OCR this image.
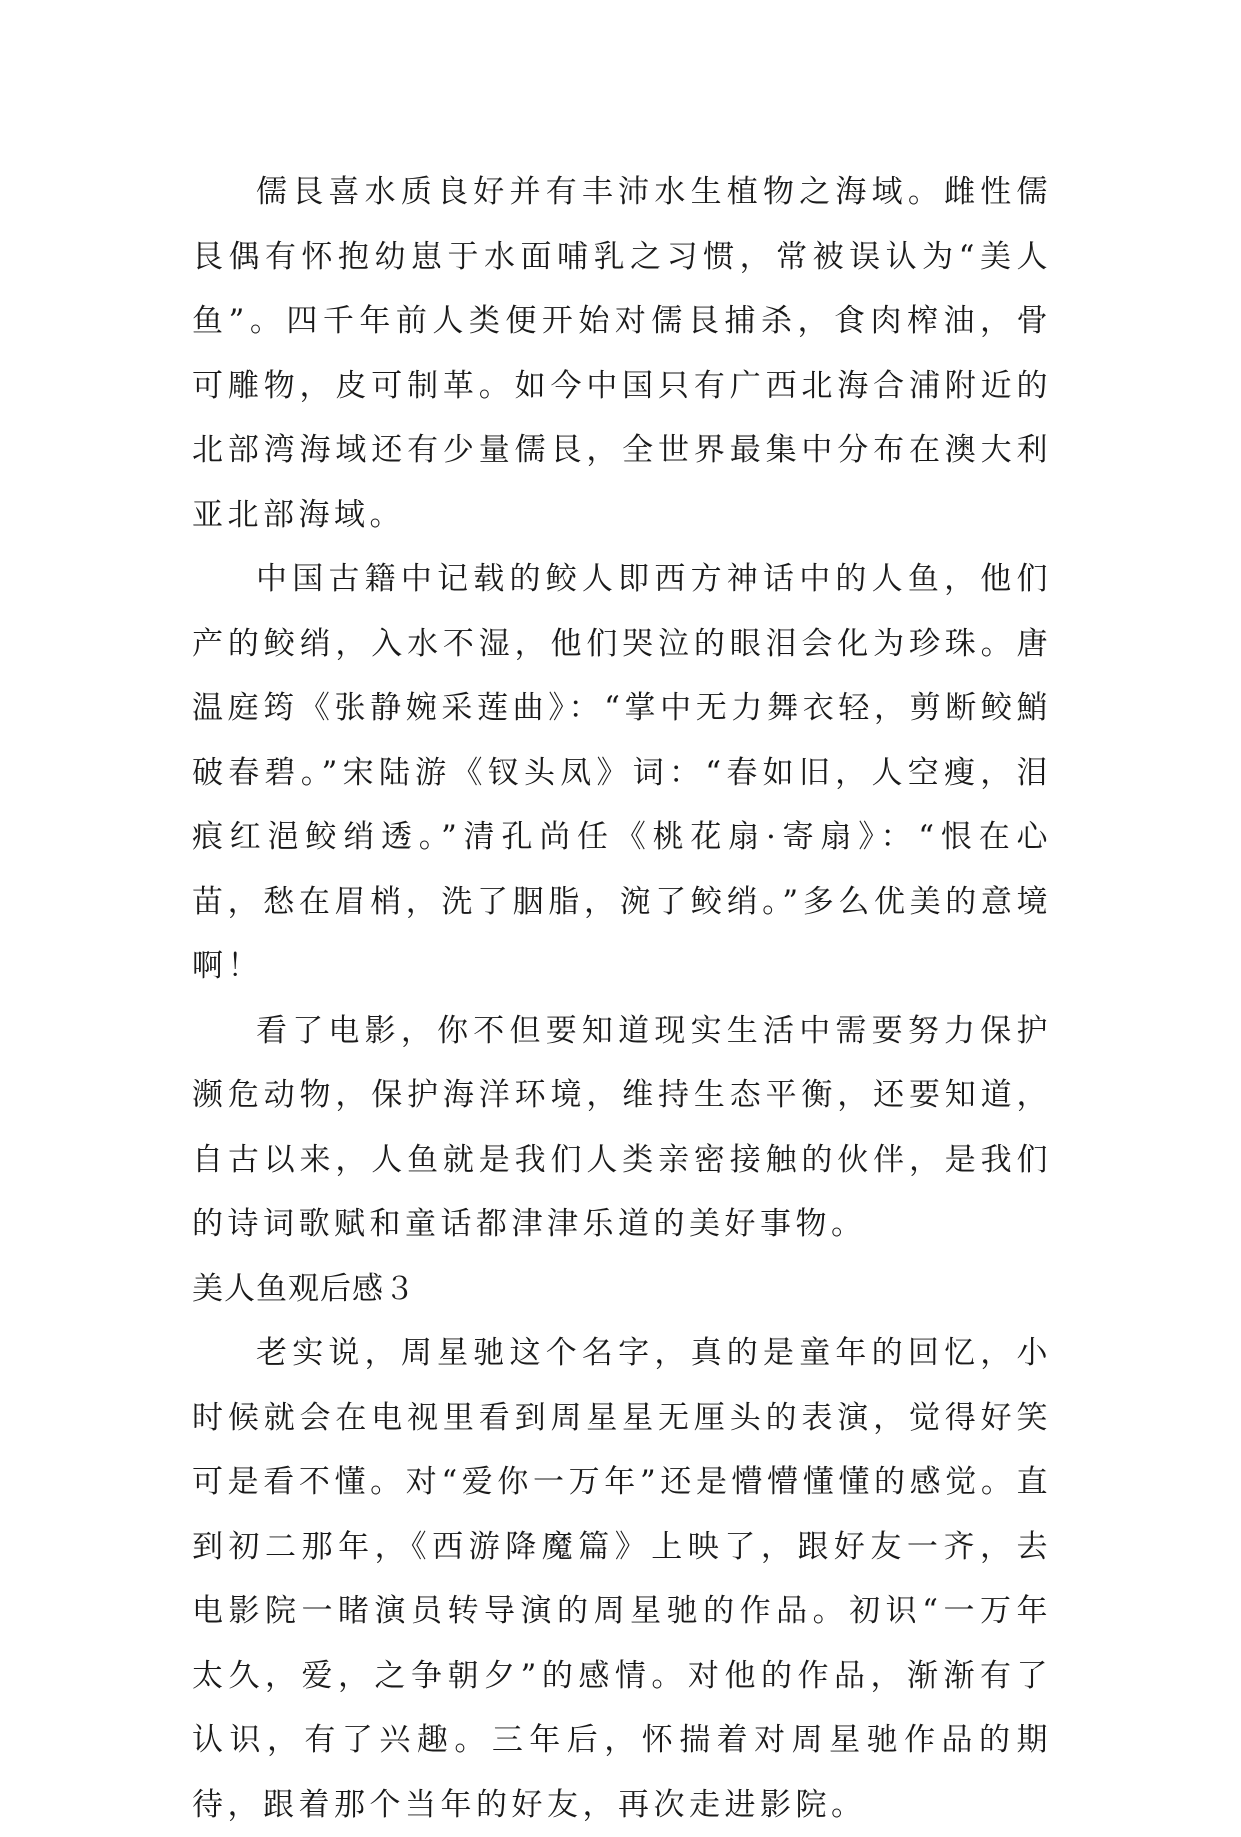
儒艮喜水质良好并有丰沛水生植物之海域。雌性儒艮偶有怀抱幼崽于水面哺乳之习惯，常被误认为“美人鱼”。四千年前人类便开始对儒艮捕杀，食肉榨油，骨可雕物，皮可制革。如今中国只有广西北海合浦附近的北部湾海域还有少量儒艮，全世界最集中分布在澳大利亚北部海域。

中国古籍中记载的鲛人即西方神话中的人鱼，他们产的鲛绡，入水不湿，他们哭泣的眼泪会化为珍珠。唐温庭筠《张静婉采莲曲》：“掌中无力舞衣轻，剪断鲛鮹破春碧。”宋陆游《钗头凤》词：“春如旧，人空瘦，泪痕红浥鲛绡透。”清孔尚任《桃花扇·寄扇》：“恨在心苗，愁在眉梢，洗了胭脂，涴了鲛绡。”多么优美的意境啊！

看了电影，你不但要知道现实生活中需要努力保护濒危动物，保护海洋环境，维持生态平衡，还要知道，自古以来，人鱼就是我们人类亲密接触的伙伴，是我们的诗词歌赋和童话都津津乐道的美好事物。

美人鱼观后感３

老实说，周星驰这个名字，真的是童年的回忆，小时候就会在电视里看到周星星无厘头的表演，觉得好笑可是看不懂。对“爱你一万年”还是懵懵懂懂的感觉。直到初二那年，《西游降魔篇》上映了，跟好友一齐，去电影院一睹演员转导演的周星驰的作品。初识“一万年太久，爱，之争朝夕”的感情。对他的作品，渐渐有了认识，有了兴趣。三年后，怀揣着对周星驰作品的期待，跟着那个当年的好友，再次走进影院。
